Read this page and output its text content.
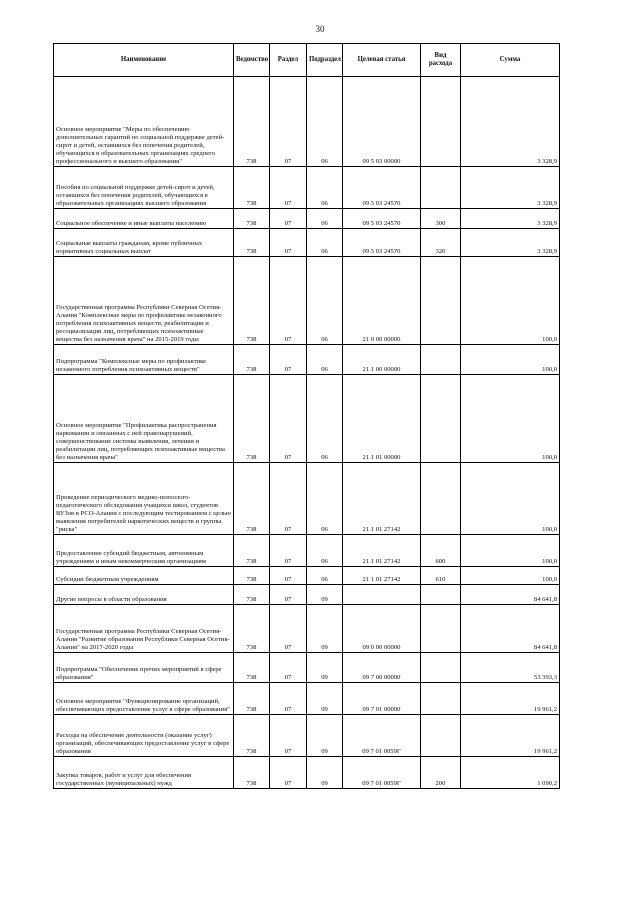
30
Наименование	Ведомство	Раздел	Подраздел	Целевая статья	Вид расхода	Сумма
Основное мероприятие "Меры по обеспечению дополнительных гарантий по социальной поддержке детей-сирот и детей, оставшихся без попечения родителей, обучающихся в образовательных организациях среднего профессионального и высшего образования"	738	07	06	09 5 03 00000		3 328,9
Пособия по социальной поддержке детей-сирот и детей, оставшихся без попечения родителей, обучающихся в образовательных организациях высшего образования	738	07	06	09 5 03 24570		3 328,9
Социальное обеспечение и иные выплаты населению	738	07	06	09 5 03 24570	300	3 328,9
Социальные выплаты гражданам, кроме публичных нормативных социальных выплат	738	07	06	09 5 03 24570	320	3 328,9
Государственная программа Республики Северная Осетия-Алания "Комплексные меры по профилактике незаконного потребления психоактивных веществ, реабилитации и ресоциализации лиц, потребляющих психоактивные вещества без назначения врача" на 2015-2019 годы	738	07	06	21 0 00 00000		100,0
Подпрограмма "Комплексные меры по профилактике незаконного потребления психоактивных веществ"	738	07	06	21 1 00 00000		100,0
Основное мероприятие "Профилактика распространения наркомании и связанных с ней правонарушений, совершенствование системы выявления, лечения и реабилитации лиц, потребляющих психоактивные вещества без назначения врача"	738	07	06	21 1 01 00000		100,0
Проведение периодического медико-психолого-педагогического обследования учащихся школ, студентов ВУЗов в РСО-Алания с последующим тестированием с целью выявления потребителей наркотических веществ и группы "риска"	738	07	06	21 1 01 27142		100,0
Предоставление субсидий бюджетным, автономным учреждениям и иным некоммерческим организациям	738	07	06	21 1 01 27142	600	100,0
Субсидии бюджетным учреждениям	738	07	06	21 1 01 27142	610	100,0
Другие вопросы в области образования	738	07	09			84 641,8
Государственная программа Республики Северная Осетия-Алания "Развитие образования Республики Северная Осетия-Алания" на 2017-2020 годы	738	07	09	09 0 00 00000		84 641,8
Подпрограмма "Обеспечение прочих мероприятий в сфере образования"	738	07	09	09 7 00 00000		53 393,3
Основное мероприятие "Функционирование организаций, обеспечивающих предоставление услуг в сфере образования"	738	07	09	09 7 01 00000		19 961,2
Расходы на обеспечение деятельности (оказание услуг) организаций, обеспечивающих предоставление услуг в сфере образования	738	07	09	09 7 01 0059Г		19 961,2
Закупка товаров, работ и услуг для обеспечения государственных (муниципальных) нужд	738	07	09	09 7 01 0059Г	200	1 090,2
